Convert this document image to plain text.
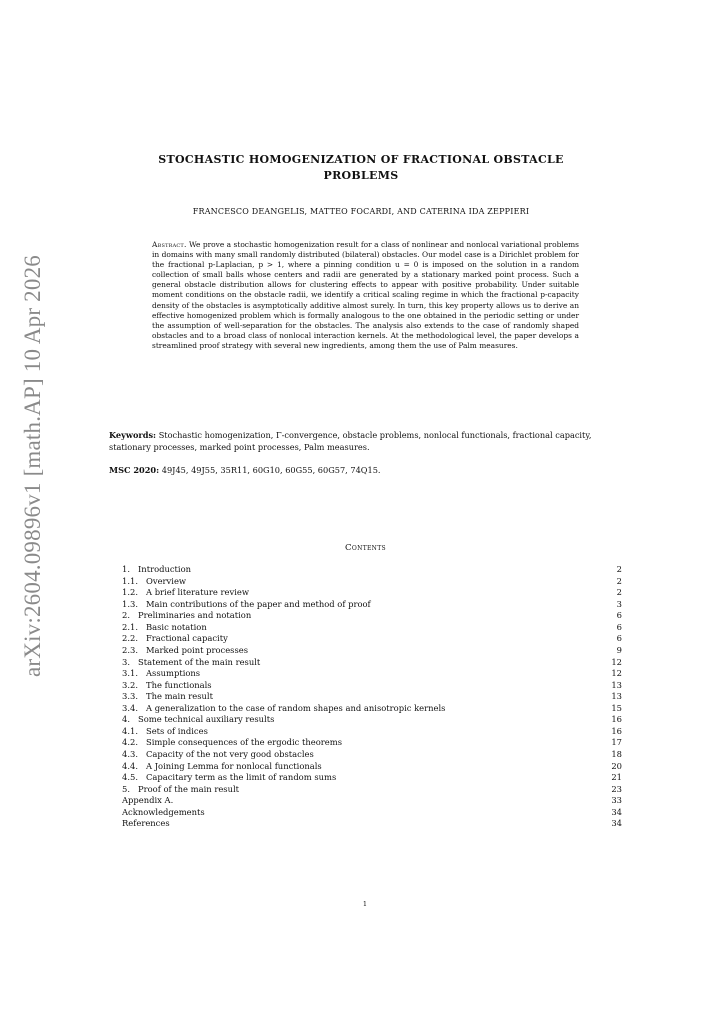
arXiv:2604.09896v1 [math.AP] 10 Apr 2026
STOCHASTIC HOMOGENIZATION OF FRACTIONAL OBSTACLE PROBLEMS
FRANCESCO DEANGELIS, MATTEO FOCARDI, AND CATERINA IDA ZEPPIERI
Abstract. We prove a stochastic homogenization result for a class of nonlinear and nonlocal variational problems in domains with many small randomly distributed (bilateral) obstacles. Our model case is a Dirichlet problem for the fractional p-Laplacian, p > 1, where a pinning condition u = 0 is imposed on the solution in a random collection of small balls whose centers and radii are generated by a stationary marked point process. Such a general obstacle distribution allows for clustering effects to appear with positive probability. Under suitable moment conditions on the obstacle radii, we identify a critical scaling regime in which the fractional p-capacity density of the obstacles is asymptotically additive almost surely. In turn, this key property allows us to derive an effective homogenized problem which is formally analogous to the one obtained in the periodic setting or under the assumption of well-separation for the obstacles. The analysis also extends to the case of randomly shaped obstacles and to a broad class of nonlocal interaction kernels. At the methodological level, the paper develops a streamlined proof strategy with several new ingredients, among them the use of Palm measures.
Keywords: Stochastic homogenization, Γ-convergence, obstacle problems, nonlocal functionals, fractional capacity, stationary processes, marked point processes, Palm measures.
MSC 2020: 49J45, 49J55, 35R11, 60G10, 60G55, 60G57, 74Q15.
Contents
1. Introduction	2
1.1. Overview	2
1.2. A brief literature review	2
1.3. Main contributions of the paper and method of proof	3
2. Preliminaries and notation	6
2.1. Basic notation	6
2.2. Fractional capacity	6
2.3. Marked point processes	9
3. Statement of the main result	12
3.1. Assumptions	12
3.2. The functionals	13
3.3. The main result	13
3.4. A generalization to the case of random shapes and anisotropic kernels	15
4. Some technical auxiliary results	16
4.1. Sets of indices	16
4.2. Simple consequences of the ergodic theorems	17
4.3. Capacity of the not very good obstacles	18
4.4. A Joining Lemma for nonlocal functionals	20
4.5. Capacitary term as the limit of random sums	21
5. Proof of the main result	23
Appendix A.	33
Acknowledgements	34
References	34
1
